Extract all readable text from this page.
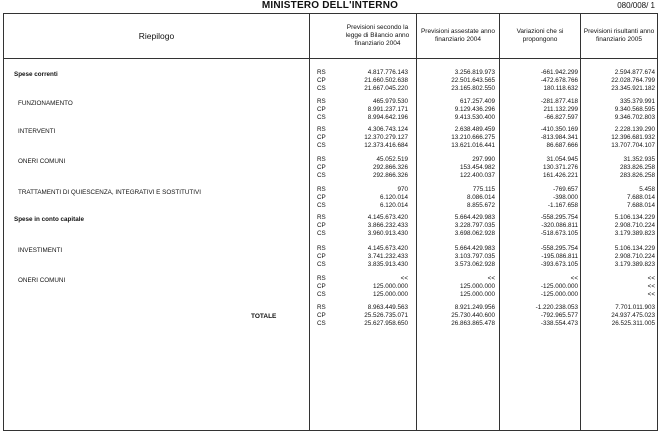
MINISTERO DELL'INTERNO	080/008/ 1
Riepilogo
Previsioni secondo la legge di Bilancio anno finanziario 2004
Previsioni assestate anno finanziario 2004
Variazioni che si propongono
Previsioni risultanti anno finanziario 2005
Spese correnti	RS	4.817.776.143	3.256.819.973	-661.942.299	2.594.877.674
CP	21.660.502.638	22.501.643.565	-472.678.766	22.028.764.799
CS	21.667.045.220	23.165.802.550	180.118.632	23.345.921.182
FUNZIONAMENTO	RS	465.979.530	617.257.409	-281.877.418	335.379.991
CP	8.991.237.171	9.129.436.296	211.132.299	9.340.568.595
CS	8.994.642.196	9.413.530.400	-66.827.597	9.346.702.803
INTERVENTI	RS	4.306.743.124	2.638.489.459	-410.350.169	2.228.139.290
CP	12.370.279.127	13.210.666.275	-813.984.341	12.396.681.932
CS	12.373.416.684	13.621.016.441	86.687.666	13.707.704.107
ONERI COMUNI	RS	45.052.519	297.990	31.054.945	31.352.935
CP	292.866.326	153.454.982	130.371.276	283.826.258
CS	292.866.326	122.400.037	161.426.221	283.826.258
TRATTAMENTI DI QUIESCENZA, INTEGRATIVI E SOSTITUTIVI	RS	970	775.115	-769.657	5.458
CP	6.120.014	8.086.014	-398.000	7.688.014
CS	6.120.014	8.855.672	-1.167.658	7.688.014
Spese in conto capitale	RS	4.145.673.420	5.664.429.983	-558.295.754	5.106.134.229
CP	3.866.232.433	3.228.797.035	-320.086.811	2.908.710.224
CS	3.960.913.430	3.698.062.928	-518.673.105	3.179.389.823
INVESTIMENTI	RS	4.145.673.420	5.664.429.983	-558.295.754	5.106.134.229
CP	3.741.232.433	3.103.797.035	-195.086.811	2.908.710.224
CS	3.835.913.430	3.573.062.928	-393.673.105	3.179.389.823
ONERI COMUNI	RS	<<	<<	<<	<<
CP	125.000.000	125.000.000	-125.000.000	<<
CS	125.000.000	125.000.000	-125.000.000	<<
TOTALE
RS	8.963.449.563	8.921.249.956	-1.220.238.053	7.701.011.903
CP	25.526.735.071	25.730.440.600	-792.965.577	24.937.475.023
CS	25.627.958.650	26.863.865.478	-338.554.473	26.525.311.005
